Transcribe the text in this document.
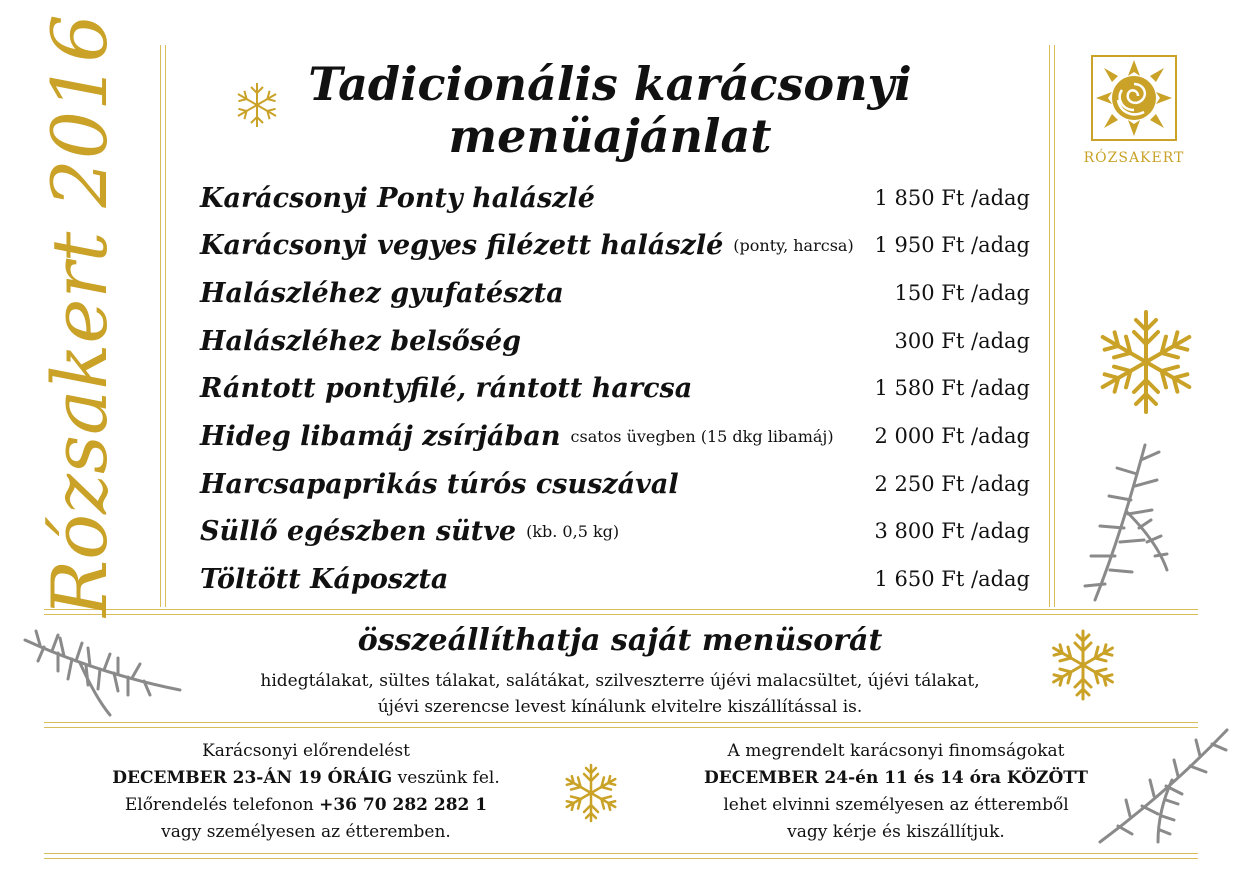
Rózsakert 2016	RÓZSAKERT
Tadicionális karácsonyi
menüajánlat
Karácsonyi Ponty halászlé	1 850 Ft /adag
Karácsonyi vegyes filézett halászlé (ponty, harcsa) 1 950 Ft /adag
Halászléhez gyufatészta	150 Ft /adag
Halászléhez belsőség	300 Ft /adag
Rántott pontyfilé, rántott harcsa	1 580 Ft /adag
Hideg libamáj zsírjában csatos üvegben (15 dkg libamáj) 2 000 Ft /adag
Harcsapaprikás túrós csuszával	2 250 Ft /adag
Süllő egészben sütve (kb. 0,5 kg)	3 800 Ft /adag
Töltött Káposzta	1 650 Ft /adag
összeállíthatja saját menüsorát
hidegtálakat, sültes tálakat, salátákat, szilveszterre újévi malacsültet, újévi tálakat,
újévi szerencse levest kínálunk elvitelre kiszállítással is.
Karácsonyi előrendelést
DECEMBER 23-ÁN 19 ÓRÁIG veszünk fel.
Előrendelés telefonon +36 70 282 282 1
vagy személyesen az étteremben.
A megrendelt karácsonyi finomságokat
DECEMBER 24-én 11 és 14 óra KÖZÖTT
lehet elvinni személyesen az étteremből
vagy kérje és kiszállítjuk.
